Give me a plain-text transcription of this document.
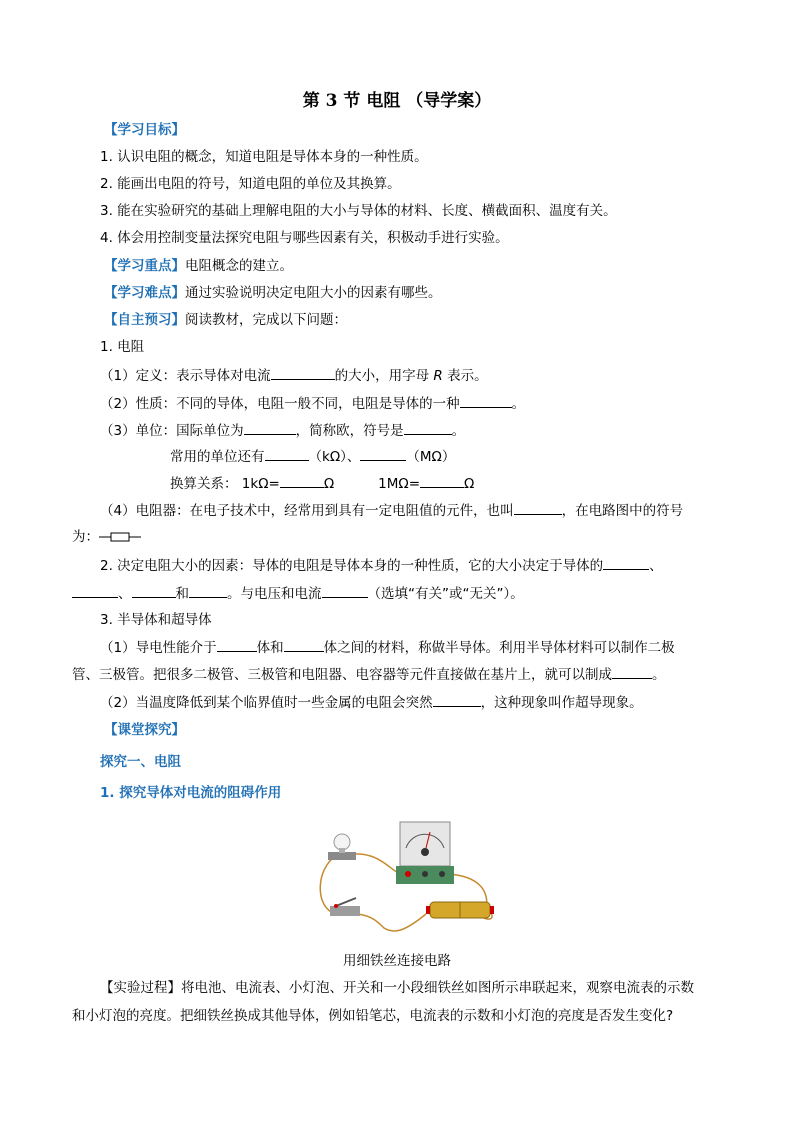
第 3 节 电阻 （导学案）
【学习目标】
1. 认识电阻的概念，知道电阻是导体本身的一种性质。
2. 能画出电阻的符号，知道电阻的单位及其换算。
3. 能在实验研究的基础上理解电阻的大小与导体的材料、长度、横截面积、温度有关。
4. 体会用控制变量法探究电阻与哪些因素有关，积极动手进行实验。
【学习重点】电阻概念的建立。
【学习难点】通过实验说明决定电阻大小的因素有哪些。
【自主预习】阅读教材，完成以下问题：
1. 电阻
（1）定义：表示导体对电流	的大小，用字母 R 表示。
（2）性质：不同的导体，电阻一般不同，电阻是导体的一种	。
（3）单位：国际单位为	，简称欧，符号是	。
常用的单位还有	（kΩ）、	（MΩ）
换算关系： 1kΩ=	Ω	1MΩ=	Ω
（4）电阻器：在电子技术中，经常用到具有一定电阻值的元件，也叫	，在电路图中的符号
为：
2. 决定电阻大小的因素：导体的电阻是导体本身的一种性质，它的大小决定于导体的	、
、	和	。与电压和电流	（选填“有关”或“无关”）。
3. 半导体和超导体
（1）导电性能介于	体和	体之间的材料，称做半导体。利用半导体材料可以制作二极
管、三极管。把很多二极管、三极管和电阻器、电容器等元件直接做在基片上，就可以制成	。
（2）当温度降低到某个临界值时一些金属的电阻会突然	，这种现象叫作超导现象。
【课堂探究】
探究一、电阻
1. 探究导体对电流的阻碍作用
用细铁丝连接电路
【实验过程】将电池、电流表、小灯泡、开关和一小段细铁丝如图所示串联起来，观察电流表的示数
和小灯泡的亮度。把细铁丝换成其他导体，例如铅笔芯，电流表的示数和小灯泡的亮度是否发生变化?
